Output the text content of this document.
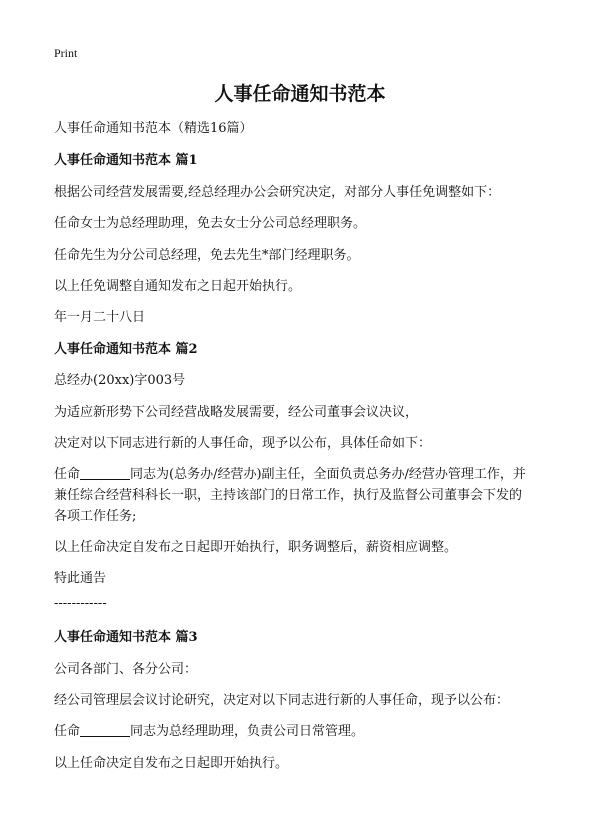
Print
人事任命通知书范本
人事任命通知书范本（精选16篇）
人事任命通知书范本 篇1
根据公司经营发展需要,经总经理办公会研究决定，对部分人事任免调整如下：
任命女士为总经理助理，免去女士分公司总经理职务。
任命先生为分公司总经理，免去先生*部门经理职务。
以上任免调整自通知发布之日起开始执行。
年一月二十八日
人事任命通知书范本 篇2
总经办(20xx)字003号
为适应新形势下公司经营战略发展需要，经公司董事会议决议，
决定对以下同志进行新的人事任命，现予以公布，具体任命如下：
任命	同志为(总务办/经营办)副主任，全面负责总务办/经营办管理工作，并
兼任综合经营科科长一职，主持该部门的日常工作，执行及监督公司董事会下发的
各项工作任务;
以上任命决定自发布之日起即开始执行，职务调整后，薪资相应调整。
特此通告
------------
人事任命通知书范本 篇3
公司各部门、各分公司：
经公司管理层会议讨论研究，决定对以下同志进行新的人事任命，现予以公布：
任命	同志为总经理助理，负责公司日常管理。
以上任命决定自发布之日起即开始执行。
